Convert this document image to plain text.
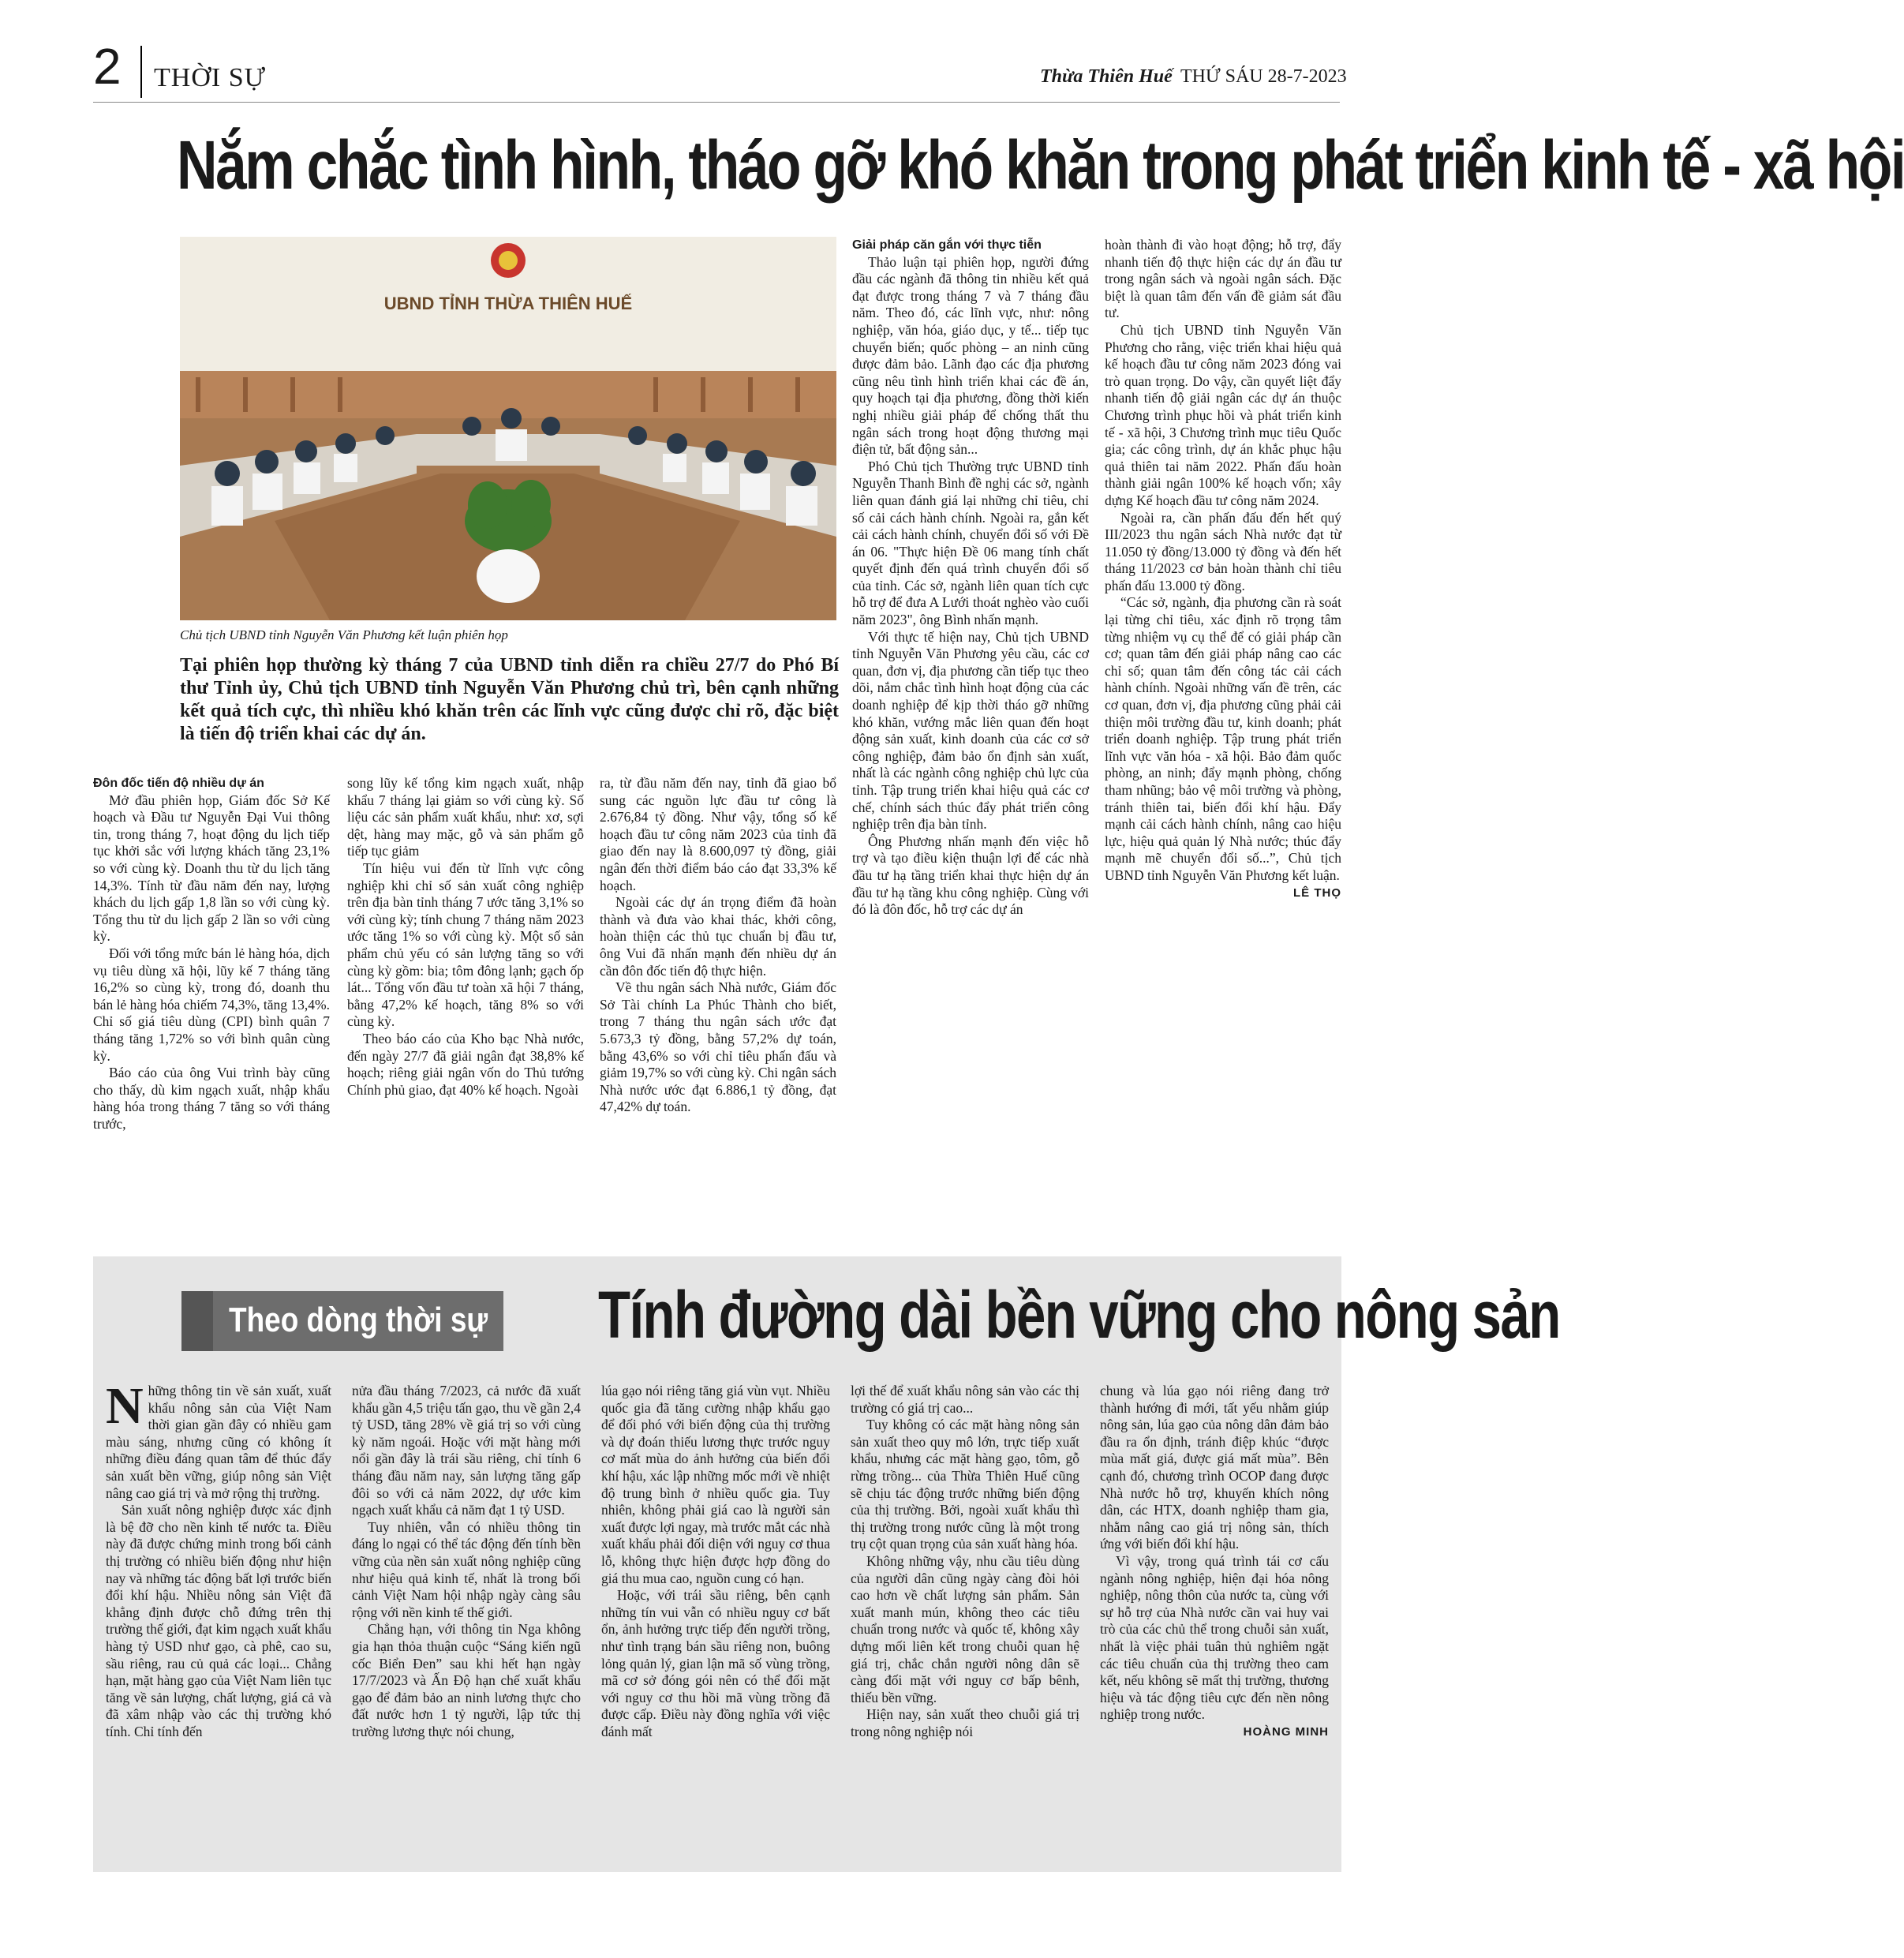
2 THỜI SỰ	Thừa Thiên Huế THỨ SÁU 28-7-2023
Nắm chắc tình hình, tháo gỡ khó khăn trong phát triển kinh tế - xã hội
UBND TỈNH THỪA THIÊN HUẾ
Chủ tịch UBND tỉnh Nguyễn Văn Phương kết luận phiên họp
Tại phiên họp thường kỳ tháng 7 của UBND tỉnh diễn ra chiều 27/7 do Phó Bí thư Tỉnh ủy, Chủ tịch UBND tỉnh Nguyễn Văn Phương chủ trì, bên cạnh những kết quả tích cực, thì nhiều khó khăn trên các lĩnh vực cũng được chỉ rõ, đặc biệt là tiến độ triển khai các dự án.

Đôn đốc tiến độ nhiều dự án

Mở đầu phiên họp, Giám đốc Sở Kế hoạch và Đầu tư Nguyễn Đại Vui thông tin, trong tháng 7, hoạt động du lịch tiếp tục khởi sắc với lượng khách tăng 23,1% so với cùng kỳ. Doanh thu từ du lịch tăng 14,3%. Tính từ đầu năm đến nay, lượng khách du lịch gấp 1,8 lần so với cùng kỳ. Tổng thu từ du lịch gấp 2 lần so với cùng kỳ.

Đối với tổng mức bán lẻ hàng hóa, dịch vụ tiêu dùng xã hội, lũy kế 7 tháng tăng 16,2% so cùng kỳ, trong đó, doanh thu bán lẻ hàng hóa chiếm 74,3%, tăng 13,4%. Chỉ số giá tiêu dùng (CPI) bình quân 7 tháng tăng 1,72% so với bình quân cùng kỳ.

Báo cáo của ông Vui trình bày cũng cho thấy, dù kim ngạch xuất, nhập khẩu hàng hóa trong tháng 7 tăng so với tháng trước,

song lũy kế tổng kim ngạch xuất, nhập khẩu 7 tháng lại giảm so với cùng kỳ. Số liệu các sản phẩm xuất khẩu, như: xơ, sợi dệt, hàng may mặc, gỗ và sản phẩm gỗ tiếp tục giảm

Tín hiệu vui đến từ lĩnh vực công nghiệp khi chỉ số sản xuất công nghiệp trên địa bàn tỉnh tháng 7 ước tăng 3,1% so với cùng kỳ; tính chung 7 tháng năm 2023 ước tăng 1% so với cùng kỳ. Một số sản phẩm chủ yếu có sản lượng tăng so với cùng kỳ gồm: bia; tôm đông lạnh; gạch ốp lát... Tổng vốn đầu tư toàn xã hội 7 tháng, bằng 47,2% kế hoạch, tăng 8% so với cùng kỳ.

Theo báo cáo của Kho bạc Nhà nước, đến ngày 27/7 đã giải ngân đạt 38,8% kế hoạch; riêng giải ngân vốn do Thủ tướng Chính phủ giao, đạt 40% kế hoạch. Ngoài

ra, từ đầu năm đến nay, tỉnh đã giao bổ sung các nguồn lực đầu tư công là 2.676,84 tỷ đồng. Như vậy, tổng số kế hoạch đầu tư công năm 2023 của tỉnh đã giao đến nay là 8.600,097 tỷ đồng, giải ngân đến thời điểm báo cáo đạt 33,3% kế hoạch.

Ngoài các dự án trọng điểm đã hoàn thành và đưa vào khai thác, khởi công, hoàn thiện các thủ tục chuẩn bị đầu tư, ông Vui đã nhấn mạnh đến nhiều dự án cần đôn đốc tiến độ thực hiện.

Về thu ngân sách Nhà nước, Giám đốc Sở Tài chính La Phúc Thành cho biết, trong 7 tháng thu ngân sách ước đạt 5.673,3 tỷ đồng, bằng 57,2% dự toán, bằng 43,6% so với chỉ tiêu phấn đấu và giảm 19,7% so với cùng kỳ. Chi ngân sách Nhà nước ước đạt 6.886,1 tỷ đồng, đạt 47,42% dự toán.

Giải pháp căn gắn với thực tiễn

Thảo luận tại phiên họp, người đứng đầu các ngành đã thông tin nhiều kết quả đạt được trong tháng 7 và 7 tháng đầu năm. Theo đó, các lĩnh vực, như: nông nghiệp, văn hóa, giáo dục, y tế... tiếp tục chuyển biến; quốc phòng – an ninh cũng được đảm bảo. Lãnh đạo các địa phương cũng nêu tình hình triển khai các đề án, quy hoạch tại địa phương, đồng thời kiến nghị nhiều giải pháp để chống thất thu ngân sách trong hoạt động thương mại điện tử, bất động sản...

Phó Chủ tịch Thường trực UBND tỉnh Nguyễn Thanh Bình đề nghị các sở, ngành liên quan đánh giá lại những chỉ tiêu, chỉ số cải cách hành chính. Ngoài ra, gắn kết cải cách hành chính, chuyển đổi số với Đề án 06. "Thực hiện Đề 06 mang tính chất quyết định đến quá trình chuyển đổi số của tỉnh. Các sở, ngành liên quan tích cực hỗ trợ để đưa A Lưới thoát nghèo vào cuối năm 2023", ông Bình nhấn mạnh.

Với thực tế hiện nay, Chủ tịch UBND tỉnh Nguyễn Văn Phương yêu cầu, các cơ quan, đơn vị, địa phương cần tiếp tục theo dõi, nắm chắc tình hình hoạt động của các doanh nghiệp để kịp thời tháo gỡ những khó khăn, vướng mắc liên quan đến hoạt động sản xuất, kinh doanh của các cơ sở công nghiệp, đảm bảo ổn định sản xuất, nhất là các ngành công nghiệp chủ lực của tỉnh. Tập trung triển khai hiệu quả các cơ chế, chính sách thúc đẩy phát triển công nghiệp trên địa bàn tỉnh.

Ông Phương nhấn mạnh đến việc hỗ trợ và tạo điều kiện thuận lợi để các nhà đầu tư hạ tầng triển khai thực hiện dự án đầu tư hạ tầng khu công nghiệp. Cùng với đó là đôn đốc, hỗ trợ các dự án

hoàn thành đi vào hoạt động; hỗ trợ, đẩy nhanh tiến độ thực hiện các dự án đầu tư trong ngân sách và ngoài ngân sách. Đặc biệt là quan tâm đến vấn đề giảm sát đầu tư.

Chủ tịch UBND tỉnh Nguyễn Văn Phương cho rằng, việc triển khai hiệu quả kế hoạch đầu tư công năm 2023 đóng vai trò quan trọng. Do vậy, cần quyết liệt đẩy nhanh tiến độ giải ngân các dự án thuộc Chương trình phục hồi và phát triển kinh tế - xã hội, 3 Chương trình mục tiêu Quốc gia; các công trình, dự án khắc phục hậu quả thiên tai năm 2022. Phấn đấu hoàn thành giải ngân 100% kế hoạch vốn; xây dựng Kế hoạch đầu tư công năm 2024.

Ngoài ra, cần phấn đấu đến hết quý III/2023 thu ngân sách Nhà nước đạt từ 11.050 tỷ đồng/13.000 tỷ đồng và đến hết tháng 11/2023 cơ bản hoàn thành chỉ tiêu phấn đấu 13.000 tỷ đồng.

“Các sở, ngành, địa phương cần rà soát lại từng chỉ tiêu, xác định rõ trọng tâm từng nhiệm vụ cụ thể để có giải pháp cần cơ; quan tâm đến giải pháp nâng cao các chỉ số; quan tâm đến công tác cải cách hành chính. Ngoài những vấn đề trên, các cơ quan, đơn vị, địa phương cũng phải cải thiện môi trường đầu tư, kinh doanh; phát triển doanh nghiệp. Tập trung phát triển lĩnh vực văn hóa - xã hội. Bảo đảm quốc phòng, an ninh; đẩy mạnh phòng, chống tham nhũng; bảo vệ môi trường và phòng, tránh thiên tai, biến đổi khí hậu. Đẩy mạnh cải cách hành chính, nâng cao hiệu lực, hiệu quả quản lý Nhà nước; thúc đẩy mạnh mẽ chuyển đổi số...”, Chủ tịch UBND tỉnh Nguyễn Văn Phương kết luận.

LÊ THỌ
Theo dòng thời sự Tính đường dài bền vững cho nông sản

Những thông tin về sản xuất, xuất khẩu nông sản của Việt Nam thời gian gần đây có nhiều gam màu sáng, nhưng cũng có không ít những điều đáng quan tâm để thúc đẩy sản xuất bền vững, giúp nông sản Việt nâng cao giá trị và mở rộng thị trường.

Sản xuất nông nghiệp được xác định là bệ đỡ cho nền kinh tế nước ta. Điều này đã được chứng minh trong bối cảnh thị trường có nhiều biến động như hiện nay và những tác động bất lợi trước biến đổi khí hậu. Nhiều nông sản Việt đã khẳng định được chỗ đứng trên thị trường thế giới, đạt kim ngạch xuất khẩu hàng tỷ USD như gạo, cà phê, cao su, sầu riêng, rau củ quả các loại... Chẳng hạn, mặt hàng gạo của Việt Nam liên tục tăng về sản lượng, chất lượng, giá cả và đã xâm nhập vào các thị trường khó tính. Chỉ tính đến

nửa đầu tháng 7/2023, cả nước đã xuất khẩu gần 4,5 triệu tấn gạo, thu về gần 2,4 tỷ USD, tăng 28% về giá trị so với cùng kỳ năm ngoái. Hoặc với mặt hàng mới nổi gần đây là trái sầu riêng, chỉ tính 6 tháng đầu năm nay, sản lượng tăng gấp đôi so với cả năm 2022, dự ước kim ngạch xuất khẩu cả năm đạt 1 tỷ USD.

Tuy nhiên, vẫn có nhiều thông tin đáng lo ngại có thể tác động đến tính bền vững của nền sản xuất nông nghiệp cũng như hiệu quả kinh tế, nhất là trong bối cảnh Việt Nam hội nhập ngày càng sâu rộng với nền kinh tế thế giới.

Chẳng hạn, với thông tin Nga không gia hạn thỏa thuận cuộc “Sáng kiến ngũ cốc Biển Đen” sau khi hết hạn ngày 17/7/2023 và Ấn Độ hạn chế xuất khẩu gạo để đảm bảo an ninh lương thực cho đất nước hơn 1 tỷ người, lập tức thị trường lương thực nói chung,

lúa gạo nói riêng tăng giá vùn vụt. Nhiều quốc gia đã tăng cường nhập khẩu gạo để đối phó với biến động của thị trường và dự đoán thiếu lương thực trước nguy cơ mất mùa do ảnh hưởng của biến đổi khí hậu, xác lập những mốc mới về nhiệt độ trung bình ở nhiều quốc gia. Tuy nhiên, không phải giá cao là người sản xuất được lợi ngay, mà trước mắt các nhà xuất khẩu phải đối diện với nguy cơ thua lỗ, không thực hiện được hợp đồng do giá thu mua cao, nguồn cung có hạn.

Hoặc, với trái sầu riêng, bên cạnh những tín vui vẫn có nhiều nguy cơ bất ổn, ảnh hưởng trực tiếp đến người trồng, như tình trạng bán sầu riêng non, buông lỏng quản lý, gian lận mã số vùng trồng, mã cơ sở đóng gói nên có thể đối mặt với nguy cơ thu hồi mã vùng trồng đã được cấp. Điều này đồng nghĩa với việc đánh mất

lợi thế để xuất khẩu nông sản vào các thị trường có giá trị cao...

Tuy không có các mặt hàng nông sản sản xuất theo quy mô lớn, trực tiếp xuất khẩu, nhưng các mặt hàng gạo, tôm, gỗ rừng trồng... của Thừa Thiên Huế cũng sẽ chịu tác động trước những biến động của thị trường. Bởi, ngoài xuất khẩu thì thị trường trong nước cũng là một trong trụ cột quan trọng của sản xuất hàng hóa.

Không những vậy, nhu cầu tiêu dùng của người dân cũng ngày càng đòi hỏi cao hơn về chất lượng sản phẩm. Sản xuất manh mún, không theo các tiêu chuẩn trong nước và quốc tế, không xây dựng mối liên kết trong chuỗi quan hệ giá trị, chắc chắn người nông dân sẽ càng đối mặt với nguy cơ bấp bênh, thiếu bền vững.

Hiện nay, sản xuất theo chuỗi giá trị trong nông nghiệp nói

chung và lúa gạo nói riêng đang trở thành hướng đi mới, tất yếu nhằm giúp nông sản, lúa gạo của nông dân đảm bảo đầu ra ổn định, tránh điệp khúc “được mùa mất giá, được giá mất mùa”. Bên cạnh đó, chương trình OCOP đang được Nhà nước hỗ trợ, khuyến khích nông dân, các HTX, doanh nghiệp tham gia, nhằm nâng cao giá trị nông sản, thích ứng với biến đổi khí hậu.

Vì vậy, trong quá trình tái cơ cấu ngành nông nghiệp, hiện đại hóa nông nghiệp, nông thôn của nước ta, cùng với sự hỗ trợ của Nhà nước cần vai huy vai trò của các chủ thể trong chuỗi sản xuất, nhất là việc phải tuân thủ nghiêm ngặt các tiêu chuẩn của thị trường theo cam kết, nếu không sẽ mất thị trường, thương hiệu và tác động tiêu cực đến nền nông nghiệp trong nước.

HOÀNG MINH
